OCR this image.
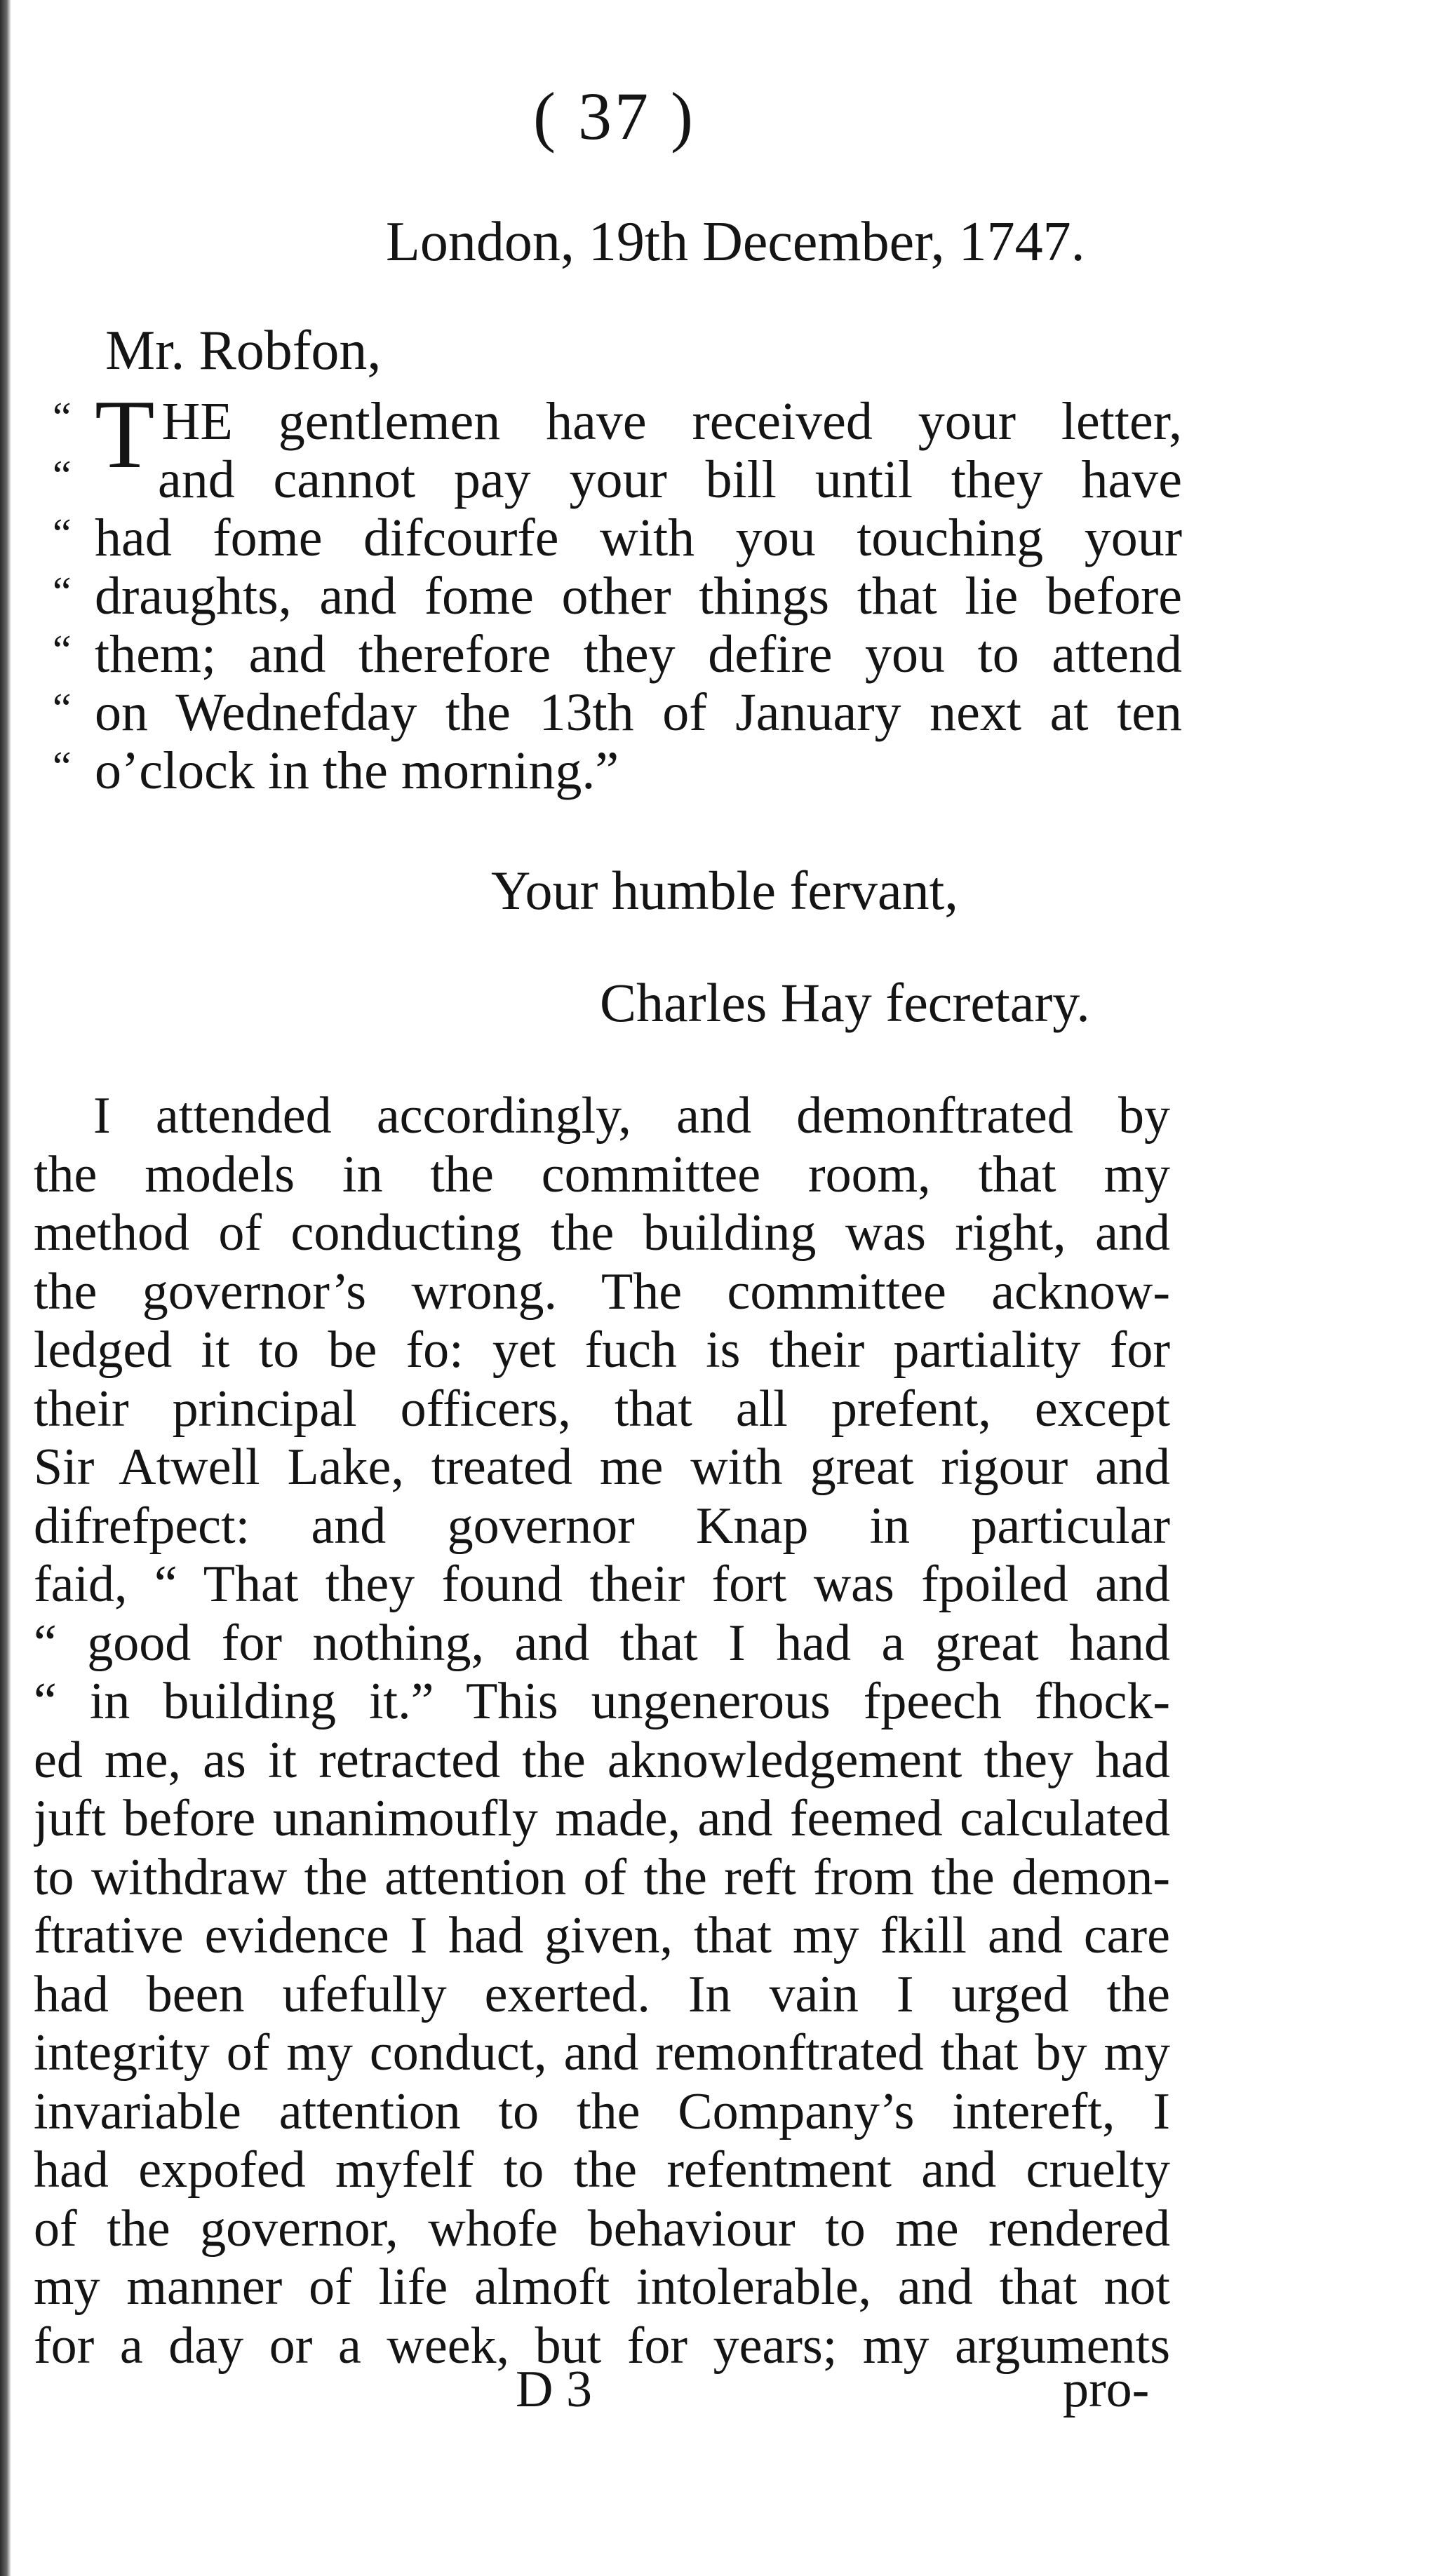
( 37 )
London, 19th December, 1747.
Mr. Robfon,
“ THE gentlemen have received your letter,
“ and cannot pay your bill until they have
“ had fome difcourfe with you touching your
“ draughts, and fome other things that lie before
“ them; and therefore they defire you to attend
“ on Wednefday the 13th of January next at ten
“ o’clock in the morning.”
Your humble fervant,
Charles Hay fecretary.
I attended accordingly, and demonftrated by
the models in the committee room, that my
method of conducting the building was right, and
the governor’s wrong. The committee acknow-
ledged it to be fo: yet fuch is their partiality for
their principal officers, that all prefent, except
Sir Atwell Lake, treated me with great rigour and
difrefpect: and governor Knap in particular
faid, “ That they found their fort was fpoiled and
“ good for nothing, and that I had a great hand
“ in building it.” This ungenerous fpeech fhock-
ed me, as it retracted the aknowledgement they had
juft before unanimoufly made, and feemed calculated
to withdraw the attention of the reft from the demon-
ftrative evidence I had given, that my fkill and care
had been ufefully exerted. In vain I urged the
integrity of my conduct, and remonftrated that by my
invariable attention to the Company’s intereft, I
had expofed myfelf to the refentment and cruelty
of the governor, whofe behaviour to me rendered
my manner of life almoft intolerable, and that not
for a day or a week, but for years; my arguments
D 3	pro-
